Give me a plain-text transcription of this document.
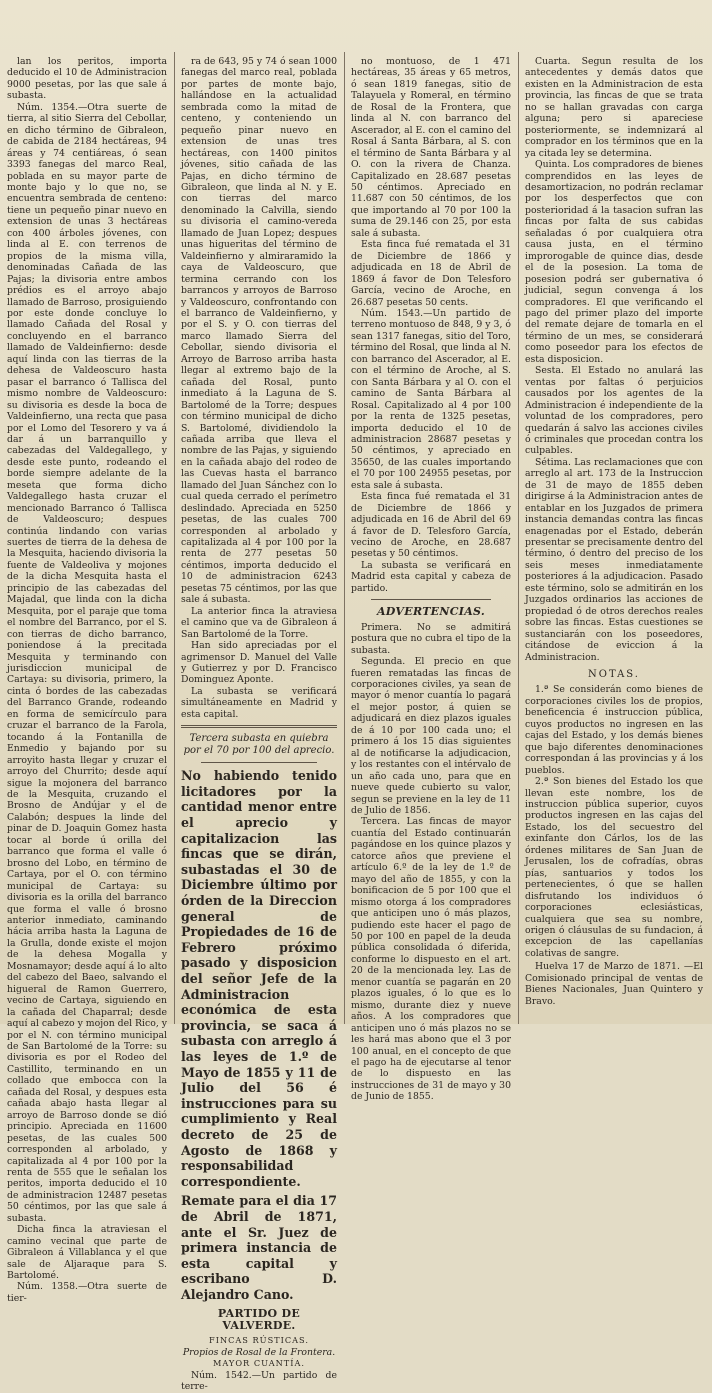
lan los peritos, importa deducido el 10 de Administracion 9000 pesetas, por las que sale á subasta.

Núm. 1354.—Otra suerte de tierra, al sitio Sierra del Cebollar, en dicho término de Gibraleon, de cabida de 2184 hectáreas, 94 áreas y 74 centiáreas, ó sean 3393 fanegas del marco Real, poblada en su mayor parte de monte bajo y lo que no, se encuentra sembrada de centeno: tiene un pequeño pinar nuevo en extension de unas 3 hectáreas con 400 árboles jóvenes, con linda al E. con terrenos de propios de la misma villa, denominadas Cañada de las Pajas; la divisoria entre ambos prédios es el arroyo abajo llamado de Barroso, prosiguiendo por este donde concluye lo llamado Cañada del Rosal y concluyendo en el barranco llamado de Valdeinfierno: desde aquí linda con las tierras de la dehesa de Valdeoscuro hasta pasar el barranco ó Tallisca del mismo nombre de Valdeoscuro: su divisoria es desde la boca de Valdeinfierno, una recta que pasa por el Lomo del Tesorero y va á dar á un barranquillo y cabezadas del Valdegallego, y desde este punto, rodeando el borde siempre adelante de la meseta que forma dicho Valdegallego hasta cruzar el mencionado Barranco ó Tallisca de Valdeoscuro; despues continúa lindando con varias suertes de tierra de la dehesa de la Mesquita, haciendo divisoria la fuente de Valdeoliva y mojones de la dicha Mesquita hasta el principio de las cabezadas del Majadal, que linda con la dicha Mesquita, por el paraje que toma el nombre del Barranco, por el S. con tierras de dicho barranco, poniendose á la precitada Mesquita y terminando con jurisdiccion municipal de Cartaya: su divisoria, primero, la cinta ó bordes de las cabezadas del Barranco Grande, rodeando en forma de semicírculo para cruzar el barranco de la Farola, tocando á la Fontanilla de Enmedio y bajando por su arroyito hasta llegar y cruzar el arroyo del Churrito; desde aquí sigue la mojonera del barranco de la Mesquita, cruzando el Brosno de Andújar y el de Calabón; despues la linde del pinar de D. Joaquin Gomez hasta tocar al borde ú orilla del barranco que forma el valle ó brosno del Lobo, en término de Cartaya, por el O. con término municipal de Cartaya: su divisoria es la orilla del barranco que forma el valle ó brosno anterior inmediato, caminando hácia arriba hasta la Laguna de la Grulla, donde existe el mojon de la dehesa Mogalla y Mosnamayor; desde aquí á lo alto del cabezo del Baeo, salvando el higueral de Ramon Guerrero, vecino de Cartaya, siguiendo en la cañada del Chaparral; desde aquí al cabezo y mojon del Rico, y por el N. con término municipal de San Bartolomé de la Torre: su divisoria es por el Rodeo del Castillito, terminando en un collado que embocca con la cañada del Rosal, y despues esta cañada abajo hasta llegar al arroyo de Barroso donde se dió principio. Apreciada en 11600 pesetas, de las cuales 500 corresponden al arbolado, y capitalizada al 4 por 100 por la renta de 555 que le señalan los peritos, importa deducido el 10 de administracion 12487 pesetas 50 céntimos, por las que sale á subasta.

Dicha finca la atraviesan el camino vecinal que parte de Gibraleon á Villablanca y el que sale de Aljaraque para S. Bartolomé.

Núm. 1358.—Otra suerte de tier-

ra de 643, 95 y 74 ó sean 1000 fanegas del marco real, poblada por partes de monte bajo, hallándose en la actualidad sembrada como la mitad de centeno, y conteniendo un pequeño pinar nuevo en extension de unas tres hectáreas, con 1400 pinitos jóvenes, sitio cañada de las Pajas, en dicho término de Gibraleon, que linda al N. y E. con tierras del marco denominado la Calvilla, siendo su divisoria el camino-vereda llamado de Juan Lopez; despues unas higueritas del término de Valdeinfierno y almiraramido la caya de Valdeoscuro, que termina cerrando con los barrancos y arroyos de Barroso y Valdeoscuro, confrontando con el barranco de Valdeinfierno, y por el S. y O. con tierras del marco llamado Sierra del Cebollar, siendo divisoria el Arroyo de Barroso arriba hasta llegar al extremo bajo de la cañada del Rosal, punto inmediato á la Laguna de S. Bartolomé de la Torre; despues con término municipal de dicho S. Bartolomé, dividiendolo la cañada arriba que lleva el nombre de las Pajas, y siguiendo en la cañada abajo del rodeo de las Cuevas hasta el barranco llamado del Juan Sánchez con lo cual queda cerrado el perímetro deslindado. Apreciada en 5250 pesetas, de las cuales 700 corresponden al arbolado y capitalizada al 4 por 100 por la renta de 277 pesetas 50 céntimos, importa deducido el 10 de administracion 6243 pesetas 75 céntimos, por las que sale á subasta.

La anterior finca la atraviesa el camino que va de Gibraleon á San Bartolomé de la Torre.

Han sido apreciadas por el agrimensor D. Manuel del Valle y Gutierrez y por D. Francisco Dominguez Aponte.

La subasta se verificará simultáneamente en Madrid y esta capital.

Tercera subasta en quiebra por el 70 por 100 del aprecio.

No habiendo tenido licitadores por la cantidad menor entre el aprecio y capitalizacion las fincas que se dirán, subastadas el 30 de Diciembre último por órden de la Direccion general de Propiedades de 16 de Febrero próximo pasado y disposicion del señor Jefe de la Administracion económica de esta provincia, se saca á subasta con arreglo á las leyes de 1.º de Mayo de 1855 y 11 de Julio del 56 é instrucciones para su cumplimiento y Real decreto de 25 de Agosto de 1868 y responsabilidad correspondiente.

Remate para el dia 17 de Abril de 1871, ante el Sr. Juez de primera instancia de esta capital y escribano D. Alejandro Cano.

PARTIDO DE VALVERDE.

FINCAS RÚSTICAS.

Propios de Rosal de la Frontera.

MAYOR CUANTÍA.

Núm. 1542.—Un partido de terre-

no montuoso, de 1 471 hectáreas, 35 áreas y 65 metros, ó sean 1819 fanegas, sitio de Talayuela y Romeral, en término de Rosal de la Frontera, que linda al N. con barranco del Ascerador, al E. con el camino del Rosal á Santa Bárbara, al S. con el término de Santa Bárbara y al O. con la rivera de Chanza. Capitalizado en 28.687 pesetas 50 céntimos. Apreciado en 11.687 con 50 céntimos, de los que importando al 70 por 100 la suma de 29.146 con 25, por esta sale á subasta.

Esta finca fué rematada el 31 de Diciembre de 1866 y adjudicada en 18 de Abril de 1869 á favor de Don Telesforo García, vecino de Aroche, en 26.687 pesetas 50 cents.

Núm. 1543.—Un partido de terreno montuoso de 848, 9 y 3, ó sean 1317 fanegas, sitio del Toro, término del Rosal, que linda al N. con barranco del Ascerador, al E. con el término de Aroche, al S. con Santa Bárbara y al O. con el camino de Santa Bárbara al Rosal. Capitalizado al 4 por 100 por la renta de 1325 pesetas, importa deducido el 10 de administracion 28687 pesetas y 50 céntimos, y apreciado en 35650, de las cuales importando el 70 por 100 24955 pesetas, por esta sale á subasta.

Esta finca fué rematada el 31 de Diciembre de 1866 y adjudicada en 16 de Abril del 69 á favor de D. Telesforo García, vecino de Aroche, en 28.687 pesetas y 50 céntimos.

La subasta se verificará en Madrid esta capital y cabeza de partido.

ADVERTENCIAS.

Primera. No se admitirá postura que no cubra el tipo de la subasta.

Segunda. El precio en que fueren rematadas las fincas de corporaciones civiles, ya sean de mayor ó menor cuantía lo pagará el mejor postor, á quien se adjudicará en diez plazos iguales de á 10 por 100 cada uno; el primero á los 15 dias siguientes al de notificarse la adjudicacion, y los restantes con el intérvalo de un año cada uno, para que en nueve quede cubierto su valor, segun se previene en la ley de 11 de Julio de 1856.

Tercera. Las fincas de mayor cuantía del Estado continuarán pagándose en los quince plazos y catorce años que previene el artículo 6.º de la ley de 1.º de mayo del año de 1855, y con la bonificacion de 5 por 100 que el mismo otorga á los compradores que anticipen uno ó más plazos, pudiendo este hacer el pago de 50 por 100 en papel de la deuda pública consolidada ó diferida, conforme lo dispuesto en el art. 20 de la mencionada ley. Las de menor cuantía se pagarán en 20 plazos iguales, ó lo que es lo mismo, durante diez y nueve años. A los compradores que anticipen uno ó más plazos no se les hará mas abono que el 3 por 100 anual, en el concepto de que el pago ha de ejecutarse al tenor de lo dispuesto en las instrucciones de 31 de mayo y 30 de Junio de 1855.

Cuarta. Segun resulta de los antecedentes y demás datos que existen en la Administracion de esta provincia, las fincas de que se trata no se hallan gravadas con carga alguna; pero si apareciese posteriormente, se indemnizará al comprador en los términos que en la ya citada ley se determina.

Quinta. Los compradores de bienes comprendidos en las leyes de desamortizacion, no podrán reclamar por los desperfectos que con posterioridad á la tasacion sufran las fincas por falta de sus cabidas señaladas ó por cualquiera otra causa justa, en el término improrogable de quince dias, desde el de la posesion. La toma de posesion podrá ser gubernativa ó judicial, segun convenga á los compradores. El que verificando el pago del primer plazo del importe del remate dejare de tomarla en el término de un mes, se considerará como poseedor para los efectos de esta disposicion.

Sesta. El Estado no anulará las ventas por faltas ó perjuicios causados por los agentes de la Administracion é independiente de la voluntad de los compradores, pero quedarán á salvo las acciones civiles ó criminales que procedan contra los culpables.

Sétima. Las reclamaciones que con arreglo al art. 173 de la Instruccion de 31 de mayo de 1855 deben dirigirse á la Administracion antes de entablar en los Juzgados de primera instancia demandas contra las fincas enagenadas por el Estado, deberán presentar se precisamente dentro del término, ó dentro del preciso de los seis meses inmediatamente posteriores á la adjudicacion. Pasado este término, solo se admitirán en los Juzgados ordinarios las acciones de propiedad ó de otros derechos reales sobre las fincas. Estas cuestiones se sustanciarán con los poseedores, citándose de eviccion á la Administracion.

NOTAS.

1.ª Se considerán como bienes de corporaciones civiles los de propios, beneficencia é instruccion pública, cuyos productos no ingresen en las cajas del Estado, y los demás bienes que bajo diferentes denominaciones correspondan á las provincias y á los pueblos.

2.ª Son bienes del Estado los que llevan este nombre, los de instruccion pública superior, cuyos productos ingresen en las cajas del Estado, los del secuestro del exinfante don Cárlos, los de las órdenes militares de San Juan de Jerusalen, los de cofradías, obras pías, santuarios y todos los pertenecientes, ó que se hallen disfrutando los individuos ó corporaciones eclesiásticas, cualquiera que sea su nombre, origen ó cláusulas de su fundacion, á excepcion de las capellanías colativas de sangre.

Huelva 17 de Marzo de 1871. —El Comisionado principal de ventas de Bienes Nacionales, Juan Quintero y Bravo.
